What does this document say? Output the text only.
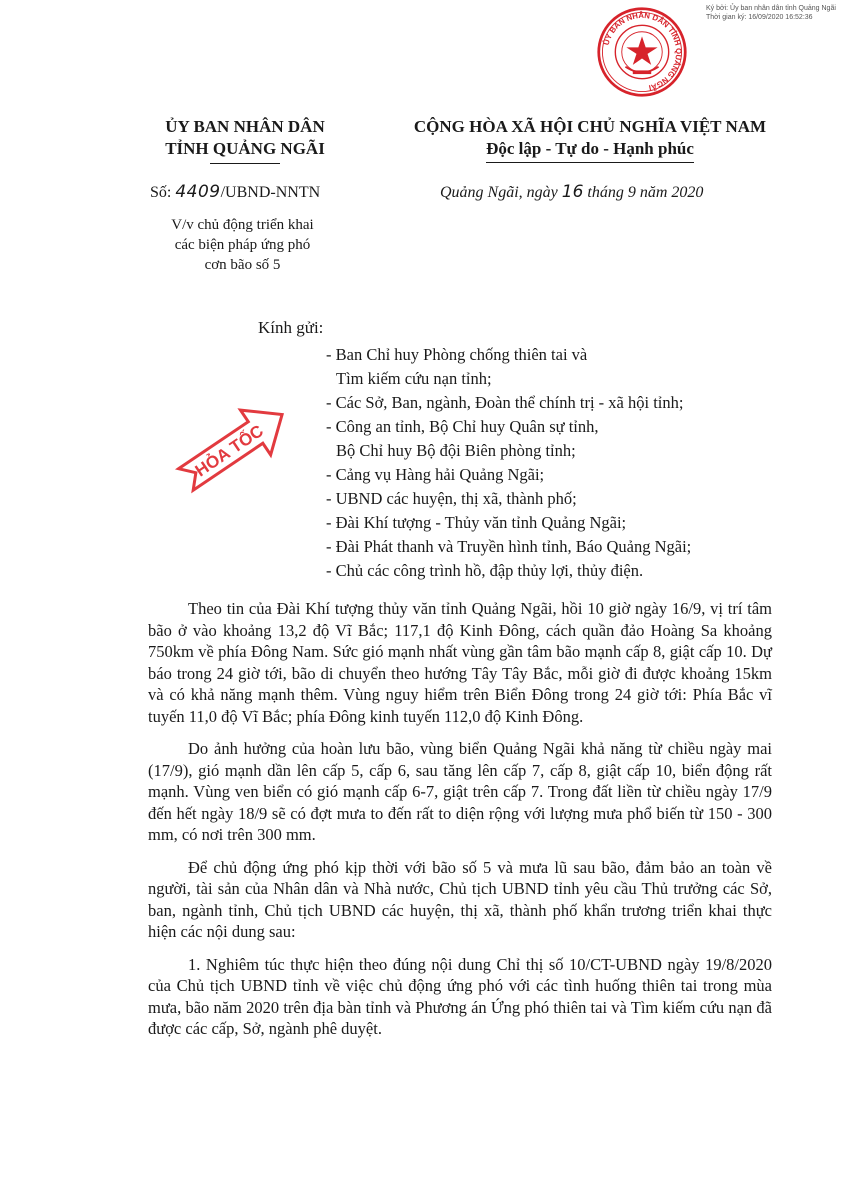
Ký bởi: Ủy ban nhân dân tỉnh Quảng Ngãi
Thời gian ký: 16/09/2020 16:52:36
ỦY BAN NHÂN DÂN TỈNH QUẢNG NGÃI
ỦY BAN NHÂN DÂN
TỈNH QUẢNG NGÃI
CỘNG HÒA XÃ HỘI CHỦ NGHĨA VIỆT NAM
Độc lập - Tự do - Hạnh phúc
Số: 4409/UBND-NNTN	Quảng Ngãi, ngày 16 tháng 9 năm 2020
V/v chủ động triển khai
các biện pháp ứng phó
cơn bão số 5
Kính gửi:
- Ban Chỉ huy Phòng chống thiên tai và
Tìm kiếm cứu nạn tỉnh;
- Các Sở, Ban, ngành, Đoàn thể chính trị - xã hội tỉnh;
- Công an tỉnh, Bộ Chỉ huy Quân sự tỉnh,
Bộ Chỉ huy Bộ đội Biên phòng tỉnh;
- Cảng vụ Hàng hải Quảng Ngãi;
- UBND các huyện, thị xã, thành phố;
- Đài Khí tượng - Thủy văn tỉnh Quảng Ngãi;
- Đài Phát thanh và Truyền hình tỉnh, Báo Quảng Ngãi;
- Chủ các công trình hồ, đập thủy lợi, thủy điện.
HỎA TỐC

Theo tin của Đài Khí tượng thủy văn tỉnh Quảng Ngãi, hồi 10 giờ ngày 16/9, vị trí tâm bão ở vào khoảng 13,2 độ Vĩ Bắc; 117,1 độ Kinh Đông, cách quần đảo Hoàng Sa khoảng 750km về phía Đông Nam. Sức gió mạnh nhất vùng gần tâm bão mạnh cấp 8, giật cấp 10. Dự báo trong 24 giờ tới, bão di chuyển theo hướng Tây Tây Bắc, mỗi giờ đi được khoảng 15km và có khả năng mạnh thêm. Vùng nguy hiểm trên Biển Đông trong 24 giờ tới: Phía Bắc vĩ tuyến 11,0 độ Vĩ Bắc; phía Đông kinh tuyến 112,0 độ Kinh Đông.

Do ảnh hưởng của hoàn lưu bão, vùng biển Quảng Ngãi khả năng từ chiều ngày mai (17/9), gió mạnh dần lên cấp 5, cấp 6, sau tăng lên cấp 7, cấp 8, giật cấp 10, biển động rất mạnh. Vùng ven biển có gió mạnh cấp 6-7, giật trên cấp 7. Trong đất liền từ chiều ngày 17/9 đến hết ngày 18/9 sẽ có đợt mưa to đến rất to diện rộng với lượng mưa phổ biến từ 150 - 300 mm, có nơi trên 300 mm.

Để chủ động ứng phó kịp thời với bão số 5 và mưa lũ sau bão, đảm bảo an toàn về người, tài sản của Nhân dân và Nhà nước, Chủ tịch UBND tỉnh yêu cầu Thủ trưởng các Sở, ban, ngành tỉnh, Chủ tịch UBND các huyện, thị xã, thành phố khẩn trương triển khai thực hiện các nội dung sau:

1. Nghiêm túc thực hiện theo đúng nội dung Chỉ thị số 10/CT-UBND ngày 19/8/2020 của Chủ tịch UBND tỉnh về việc chủ động ứng phó với các tình huống thiên tai trong mùa mưa, bão năm 2020 trên địa bàn tỉnh và Phương án Ứng phó thiên tai và Tìm kiếm cứu nạn đã được các cấp, Sở, ngành phê duyệt.
